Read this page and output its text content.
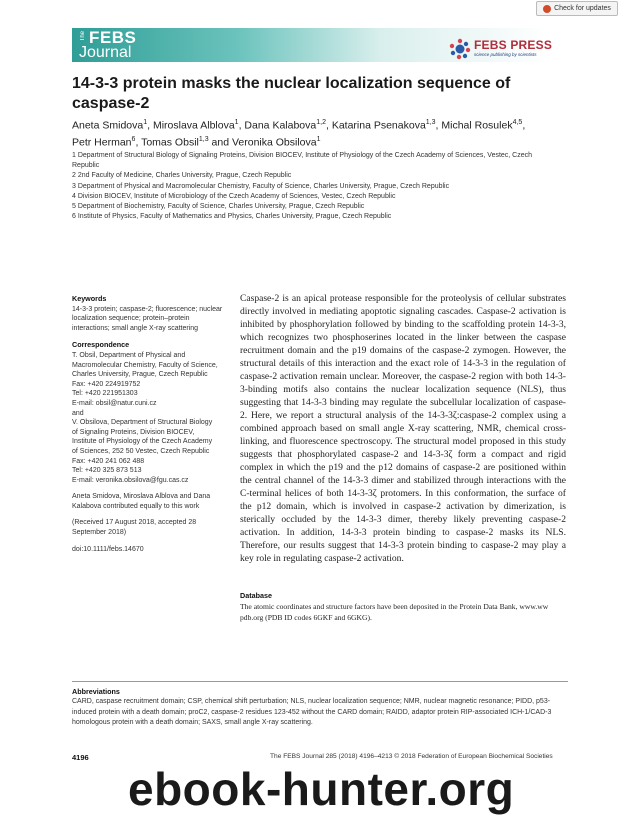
Check for updates
The FEBS
Journal	FEBS PRESS
science publishing by scientists
14-3-3 protein masks the nuclear localization sequence of caspase-2
Aneta Smidova$^1$, Miroslava Alblova$^1$, Dana Kalabova$^{1,2}$, Katarina Psenakova$^{1,3}$, Michal Rosulek$^{4,5}$,
Petr Herman$^6$, Tomas Obsil$^{1,3}$ and Veronika Obsilova$^1$
1 Department of Structural Biology of Signaling Proteins, Division BIOCEV, Institute of Physiology of the Czech Academy of Sciences, Vestec, Czech Republic
2 2nd Faculty of Medicine, Charles University, Prague, Czech Republic
3 Department of Physical and Macromolecular Chemistry, Faculty of Science, Charles University, Prague, Czech Republic
4 Division BIOCEV, Institute of Microbiology of the Czech Academy of Sciences, Vestec, Czech Republic
5 Department of Biochemistry, Faculty of Science, Charles University, Prague, Czech Republic
6 Institute of Physics, Faculty of Mathematics and Physics, Charles University, Prague, Czech Republic
Keywords
14-3-3 protein; caspase-2; fluorescence; nuclear localization sequence; protein–protein interactions; small angle X-ray scattering
Correspondence
T. Obsil, Department of Physical and
Macromolecular Chemistry, Faculty of Science,
Charles University, Prague, Czech Republic
Fax: +420 224919752
Tel: +420 221951303
E-mail: obsil@natur.cuni.cz
and
V. Obsilova, Department of Structural Biology
of Signaling Proteins, Division BIOCEV,
Institute of Physiology of the Czech Academy
of Sciences, 252 50 Vestec, Czech Republic
Fax: +420 241 062 488
Tel: +420 325 873 513
E-mail: veronika.obsilova@fgu.cas.cz
Aneta Smidova, Miroslava Alblova and Dana Kalabova contributed equally to this work
(Received 17 August 2018, accepted 28 September 2018)
doi:10.1111/febs.14670
Caspase-2 is an apical protease responsible for the proteolysis of cellular substrates directly involved in mediating apoptotic signaling cascades. Caspase-2 activation is inhibited by phosphorylation followed by binding to the scaffolding protein 14-3-3, which recognizes two phosphoserines located in the linker between the caspase recruitment domain and the p19 domains of the caspase-2 zymogen. However, the structural details of this interaction and the exact role of 14-3-3 in the regulation of caspase-2 activation remain unclear. Moreover, the caspase-2 region with both 14-3-3-binding motifs also contains the nuclear localization sequence (NLS), thus suggesting that 14-3-3 binding may regulate the subcellular localization of caspase-2. Here, we report a structural analysis of the 14-3-3ζ:caspase-2 complex using a combined approach based on small angle X-ray scattering, NMR, chemical cross-linking, and fluorescence spectroscopy. The structural model proposed in this study suggests that phosphorylated caspase-2 and 14-3-3ζ form a compact and rigid complex in which the p19 and the p12 domains of caspase-2 are positioned within the central channel of the 14-3-3 dimer and stabilized through interactions with the C-terminal helices of both 14-3-3ζ protomers. In this conformation, the surface of the p12 domain, which is involved in caspase-2 activation by dimerization, is sterically occluded by the 14-3-3 dimer, thereby likely preventing caspase-2 activation. In addition, 14-3-3 protein binding to caspase-2 masks its NLS. Therefore, our results suggest that 14-3-3 protein binding to caspase-2 may play a key role in regulating caspase-2 activation.
Database
The atomic coordinates and structure factors have been deposited in the Protein Data Bank, www.ww pdb.org (PDB ID codes 6GKF and 6GKG).
Abbreviations
CARD, caspase recruitment domain; CSP, chemical shift perturbation; NLS, nuclear localization sequence; NMR, nuclear magnetic resonance; PIDD, p53-induced protein with a death domain; proC2, caspase-2 residues 123-452 without the CARD domain; RAIDD, adaptor protein RIP-associated ICH-1/CAD-3 homologous protein with a death domain; SAXS, small angle X-ray scattering.
4196	The FEBS Journal 285 (2018) 4196–4213 © 2018 Federation of European Biochemical Societies
ebook-hunter.org
